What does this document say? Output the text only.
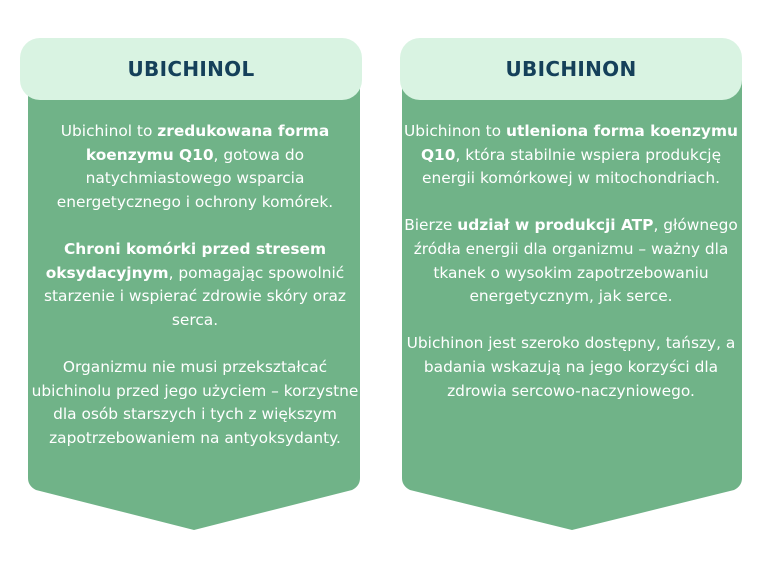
UBICHINOL

Ubichinol to zredukowana forma koenzymu Q10, gotowa do natychmiastowego wsparcia energetycznego i ochrony komórek.

Chroni komórki przed stresem oksydacyjnym, pomagając spowolnić starzenie i wspierać zdrowie skóry oraz serca.

Organizmu nie musi przekształcać ubichinolu przed jego użyciem – korzystne dla osób starszych i tych z większym zapotrzebowaniem na antyoksydanty.

UBICHINON

Ubichinon to utleniona forma koenzymu Q10, która stabilnie wspiera produkcję energii komórkowej w mitochondriach.

Bierze udział w produkcji ATP, głównego źródła energii dla organizmu – ważny dla tkanek o wysokim zapotrzebowaniu energetycznym, jak serce.

Ubichinon jest szeroko dostępny, tańszy, a badania wskazują na jego korzyści dla zdrowia sercowo-naczyniowego.
